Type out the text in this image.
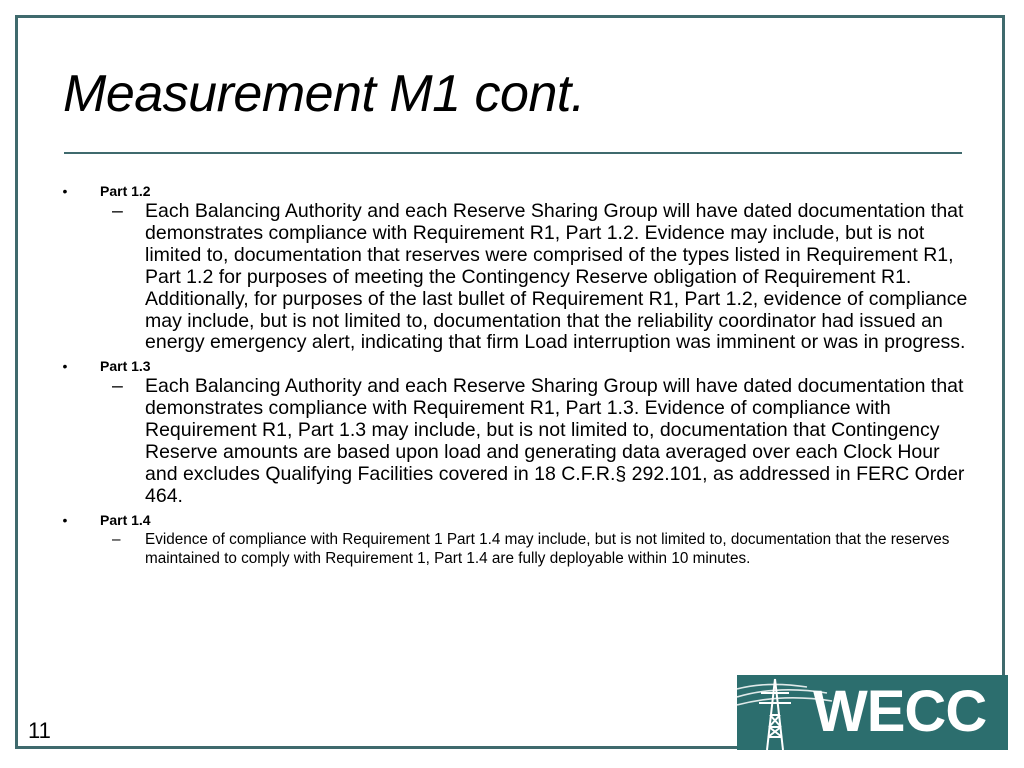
Measurement M1 cont.
•	Part 1.2
– Each Balancing Authority and each Reserve Sharing Group will have dated documentation that demonstrates compliance with Requirement R1, Part 1.2. Evidence may include, but is not limited to, documentation that reserves were comprised of the types listed in Requirement R1, Part 1.2 for purposes of meeting the Contingency Reserve obligation of Requirement R1. Additionally, for purposes of the last bullet of Requirement R1, Part 1.2, evidence of compliance may include, but is not limited to, documentation that the reliability coordinator had issued an energy emergency alert, indicating that firm Load interruption was imminent or was in progress.
•	Part 1.3
– Each Balancing Authority and each Reserve Sharing Group will have dated documentation that demonstrates compliance with Requirement R1, Part 1.3. Evidence of compliance with Requirement R1, Part 1.3 may include, but is not limited to, documentation that Contingency Reserve amounts are based upon load and generating data averaged over each Clock Hour and excludes Qualifying Facilities covered in 18 C.F.R.§ 292.101, as addressed in FERC Order 464.
•	Part 1.4
– Evidence of compliance with Requirement 1 Part 1.4 may include, but is not limited to, documentation that the reserves maintained to comply with Requirement 1, Part 1.4 are fully deployable within 10 minutes.
11	WECC
